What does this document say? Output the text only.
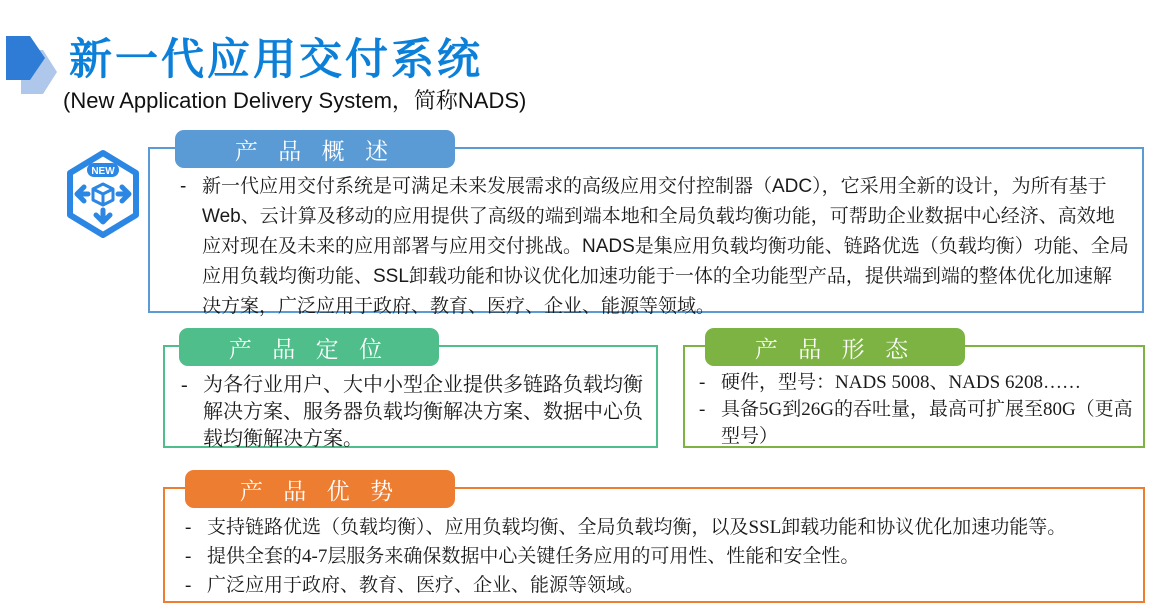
新一代应用交付系统
(New Application Delivery System，简称NADS)
NEW
产 品 概 述
- 新一代应用交付系统是可满足未来发展需求的高级应用交付控制器（ADC），它采用全新的设计，为所有基于Web、云计算及移动的应用提供了高级的端到端本地和全局负载均衡功能，可帮助企业数据中心经济、高效地应对现在及未来的应用部署与应用交付挑战。NADS是集应用负载均衡功能、链路优选（负载均衡）功能、全局应用负载均衡功能、SSL卸载功能和协议优化加速功能于一体的全功能型产品，提供端到端的整体优化加速解决方案，广泛应用于政府、教育、医疗、企业、能源等领域。
产 品 定 位
- 为各行业用户、大中小型企业提供多链路负载均衡解决方案、服务器负载均衡解决方案、数据中心负载均衡解决方案。
产 品 形 态
- 硬件，型号：NADS 5008、NADS 6208……
- 具备5G到26G的吞吐量，最高可扩展至80G（更高型号）
产 品 优 势
- 支持链路优选（负载均衡）、应用负载均衡、全局负载均衡，以及SSL卸载功能和协议优化加速功能等。
- 提供全套的4-7层服务来确保数据中心关键任务应用的可用性、性能和安全性。
- 广泛应用于政府、教育、医疗、企业、能源等领域。
